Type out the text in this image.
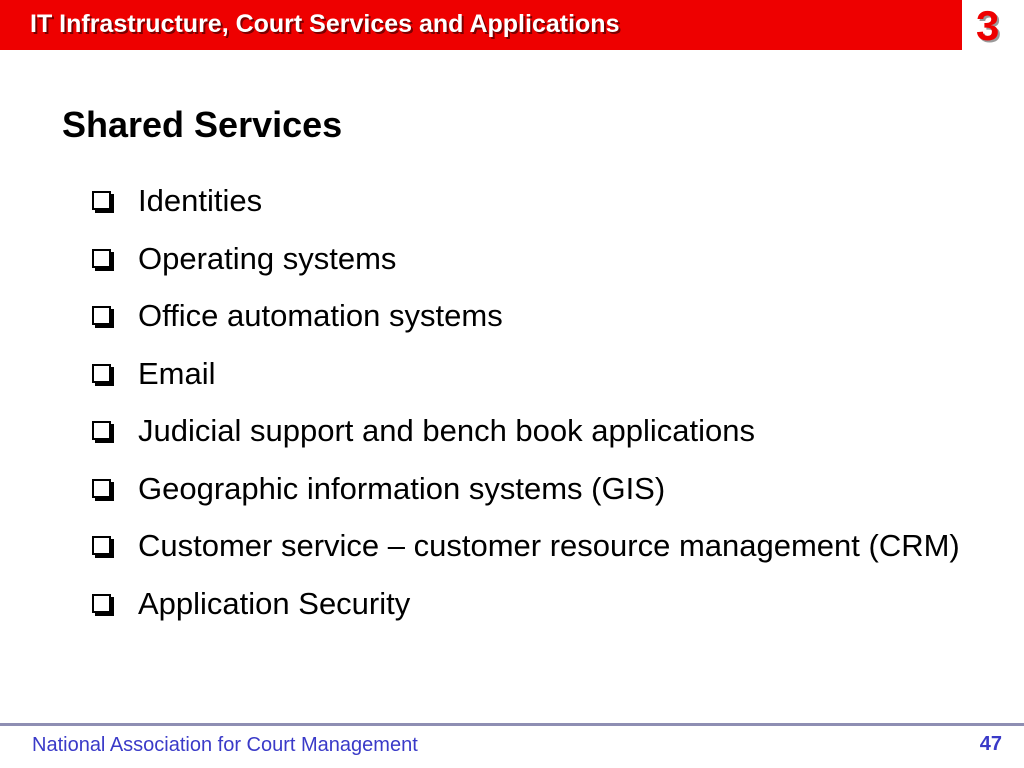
IT Infrastructure, Court Services and Applications	3
Shared Services
Identities
Operating systems
Office automation systems
Email
Judicial support and bench book applications
Geographic information systems (GIS)
Customer service – customer resource management (CRM)
Application Security
National Association for Court Management	47
